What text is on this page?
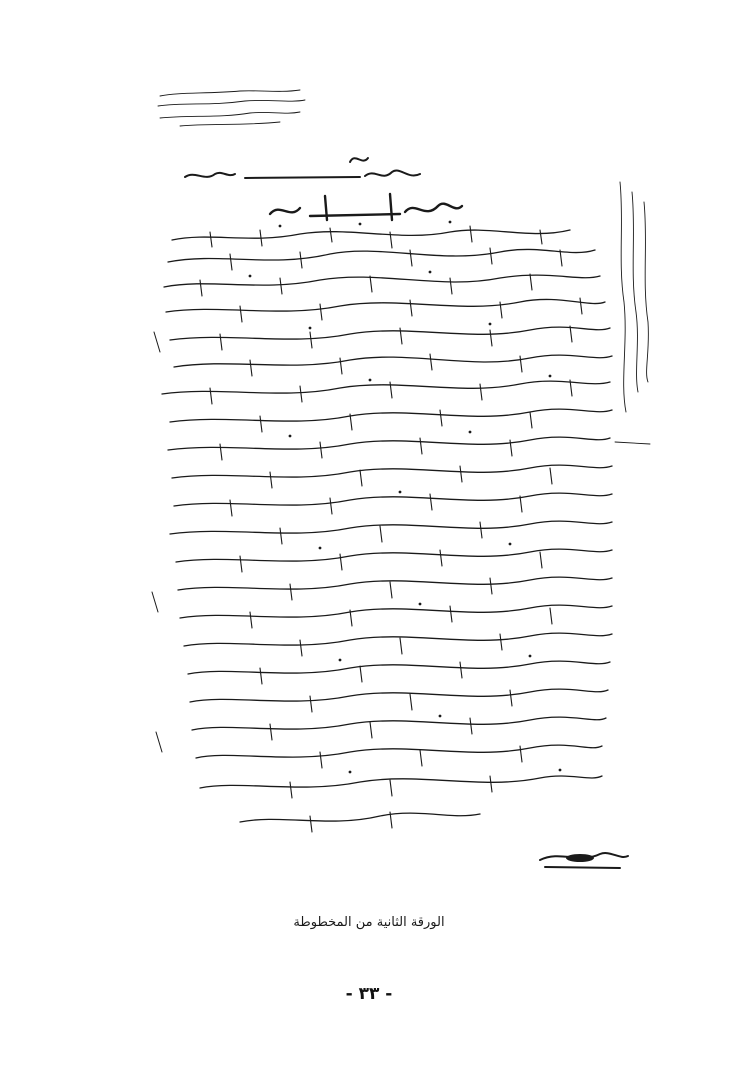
الورقة الثانية من المخطوطة
- ٣٣ -
